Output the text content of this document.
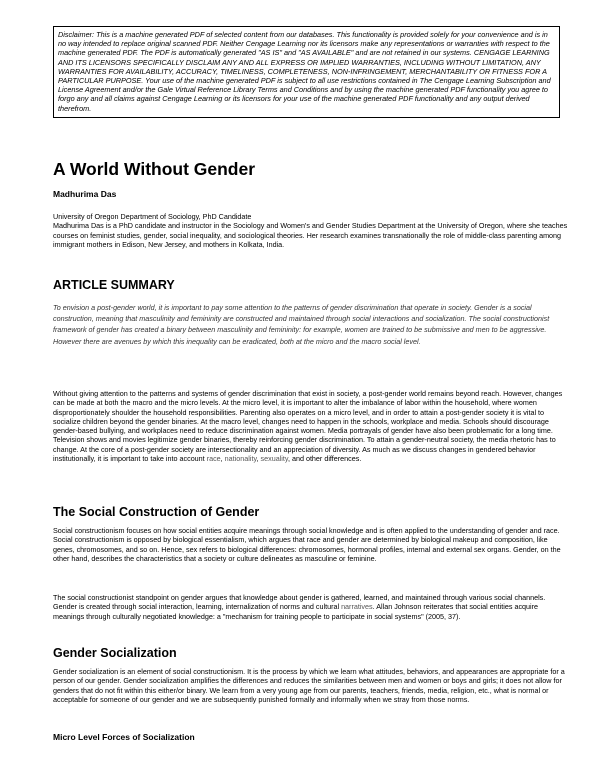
Disclaimer: This is a machine generated PDF of selected content from our databases. This functionality is provided solely for your convenience and is in no way intended to replace original scanned PDF. Neither Cengage Learning nor its licensors make any representations or warranties with respect to the machine generated PDF. The PDF is automatically generated "AS IS" and "AS AVAILABLE" and are not retained in our systems. CENGAGE LEARNING AND ITS LICENSORS SPECIFICALLY DISCLAIM ANY AND ALL EXPRESS OR IMPLIED WARRANTIES, INCLUDING WITHOUT LIMITATION, ANY WARRANTIES FOR AVAILABILITY, ACCURACY, TIMELINESS, COMPLETENESS, NON-INFRINGEMENT, MERCHANTABILITY OR FITNESS FOR A PARTICULAR PURPOSE. Your use of the machine generated PDF is subject to all use restrictions contained in The Cengage Learning Subscription and License Agreement and/or the Gale Virtual Reference Library Terms and Conditions and by using the machine generated PDF functionality you agree to forgo any and all claims against Cengage Learning or its licensors for your use of the machine generated PDF functionality and any output derived therefrom.
A World Without Gender
Madhurima Das

University of Oregon Department of Sociology, PhD Candidate

Madhurima Das is a PhD candidate and instructor in the Sociology and Women's and Gender Studies Department at the University of Oregon, where she teaches courses on feminist studies, gender, social inequality, and sociological theories. Her research examines transnationally the role of middle-class parenting among immigrant mothers in Edison, New Jersey, and mothers in Kolkata, India.

ARTICLE SUMMARY

To envision a post-gender world, it is important to pay some attention to the patterns of gender discrimination that operate in society. Gender is a social construction, meaning that masculinity and femininity are constructed and maintained through social interactions and socialization. The social constructionist framework of gender has created a binary between masculinity and femininity: for example, women are trained to be submissive and men to be aggressive. However there are avenues by which this inequality can be eradicated, both at the micro and the macro social level.

Without giving attention to the patterns and systems of gender discrimination that exist in society, a post-gender world remains beyond reach. However, changes can be made at both the macro and the micro levels. At the micro level, it is important to alter the imbalance of labor within the household, where women disproportionately shoulder the household responsibilities. Parenting also operates on a micro level, and in order to attain a post-gender society it is vital to socialize children beyond the gender binaries. At the macro level, changes need to happen in the schools, workplace and media. Schools should discourage gender-based bullying, and workplaces need to reduce discrimination against women. Media portrayals of gender have also been problematic for a long time. Television shows and movies legitimize gender binaries, thereby reinforcing gender discrimination. To attain a gender-neutral society, the media rhetoric has to change. At the core of a post-gender society are intersectionality and an appreciation of diversity. As much as we discuss changes in gendered behavior institutionally, it is important to take into account race, nationality, sexuality, and other differences.

The Social Construction of Gender

Social constructionism focuses on how social entities acquire meanings through social knowledge and is often applied to the understanding of gender and race. Social constructionism is opposed by biological essentialism, which argues that race and gender are determined by biological makeup and composition, like genes, chromosomes, and so on. Hence, sex refers to biological differences: chromosomes, hormonal profiles, internal and external sex organs. Gender, on the other hand, describes the characteristics that a society or culture delineates as masculine or feminine.

The social constructionist standpoint on gender argues that knowledge about gender is gathered, learned, and maintained through various social channels. Gender is created through social interaction, learning, internalization of norms and cultural narratives. Allan Johnson reiterates that social entities acquire meanings through culturally negotiated knowledge: a "mechanism for training people to participate in social systems" (2005, 37).

Gender Socialization

Gender socialization is an element of social constructionism. It is the process by which we learn what attitudes, behaviors, and appearances are appropriate for a person of our gender. Gender socialization amplifies the differences and reduces the similarities between men and women or boys and girls; it does not allow for genders that do not fit within this either/or binary. We learn from a very young age from our parents, teachers, friends, media, religion, etc., what is normal or acceptable for someone of our gender and we are subsequently punished formally and informally when we stray from those norms.

Micro Level Forces of Socialization
